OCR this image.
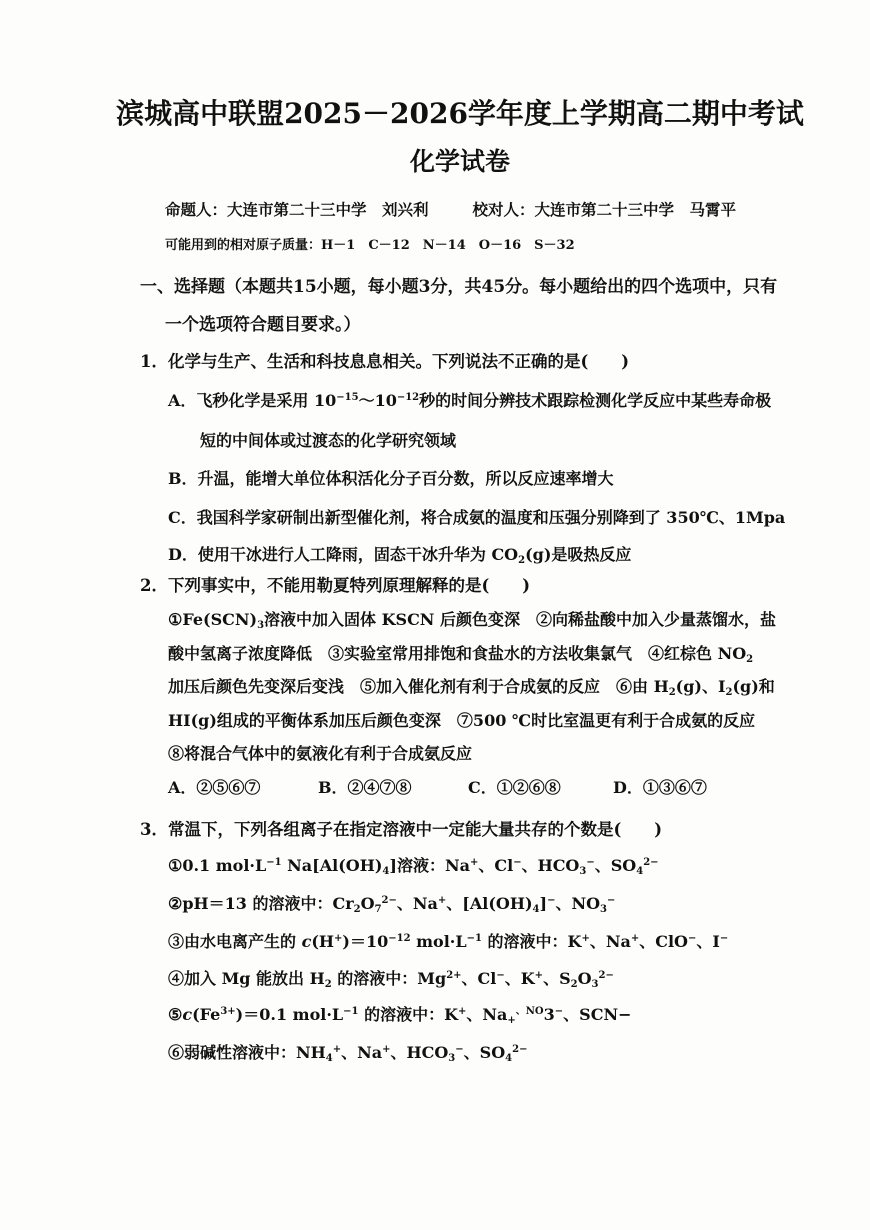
滨城高中联盟2025－2026学年度上学期高二期中考试
化学试卷
命题人：大连市第二十三中学　刘兴利	校对人：大连市第二十三中学　马霄平
可能用到的相对原子质量：H－1　C－12　N－14　O－16　S－32
一、选择题（本题共15小题，每小题3分，共45分。每小题给出的四个选项中，只有
一个选项符合题目要求。）
1．化学与生产、生活和科技息息相关。下列说法不正确的是(　　)
A．飞秒化学是采用 $10^{-15}\sim 10^{-12}$秒的时间分辨技术跟踪检测化学反应中某些寿命极
短的中间体或过渡态的化学研究领域
B．升温，能增大单位体积活化分子百分数，所以反应速率增大
C．我国科学家研制出新型催化剂，将合成氨的温度和压强分别降到了 350℃、1Mpa
D．使用干冰进行人工降雨，固态干冰升华为 $CO_2(g)$是吸热反应
2．下列事实中，不能用勒夏特列原理解释的是(　　)
$①Fe(SCN)_3$溶液中加入固体 KSCN 后颜色变深　②向稀盐酸中加入少量蒸馏水，盐
酸中氢离子浓度降低　③实验室常用排饱和食盐水的方法收集氯气　④红棕色 $NO_2$
加压后颜色先变深后变浅　⑤加入催化剂有利于合成氨的反应　⑥由 $H_2(g)$、$I_2(g)$和
HI(g)组成的平衡体系加压后颜色变深　⑦500 ℃时比室温更有利于合成氨的反应
⑧将混合气体中的氨液化有利于合成氨反应
A．②⑤⑥⑦	B．②④⑦⑧	C．①②⑥⑧	D．①③⑥⑦
3．常温下，下列各组离子在指定溶液中一定能大量共存的个数是(　　)
①0.1 $mol\cdot L^{-1}$ $Na[Al(OH)_4]$溶液：Na+、Cl−、$HCO_3^-$、$SO_4^{2-}$
②pH＝13 的溶液中：$Cr_2O_7^{2-}$、Na+、$[Al(OH)_4]^-$、$NO_3^-$
③由水电离产生的 $c(H^+)=10^{-12}$ $mol\cdot L^{-1}$ 的溶液中：K+、Na+、ClO−、I−
④加入 Mg 能放出 $H_2$ 的溶液中：$Mg^{2+}$、Cl−、K+、$S_2O_3^{2-}$
$⑤c(Fe^{3+})=0.1$ $mol\cdot L^{-1}$ 的溶液中：K+、$Na_+^{、NO}3^-$、SCN−
⑥弱碱性溶液中：$NH_4^+$、Na+、$HCO_3^-$、$SO_4^{2-}$
